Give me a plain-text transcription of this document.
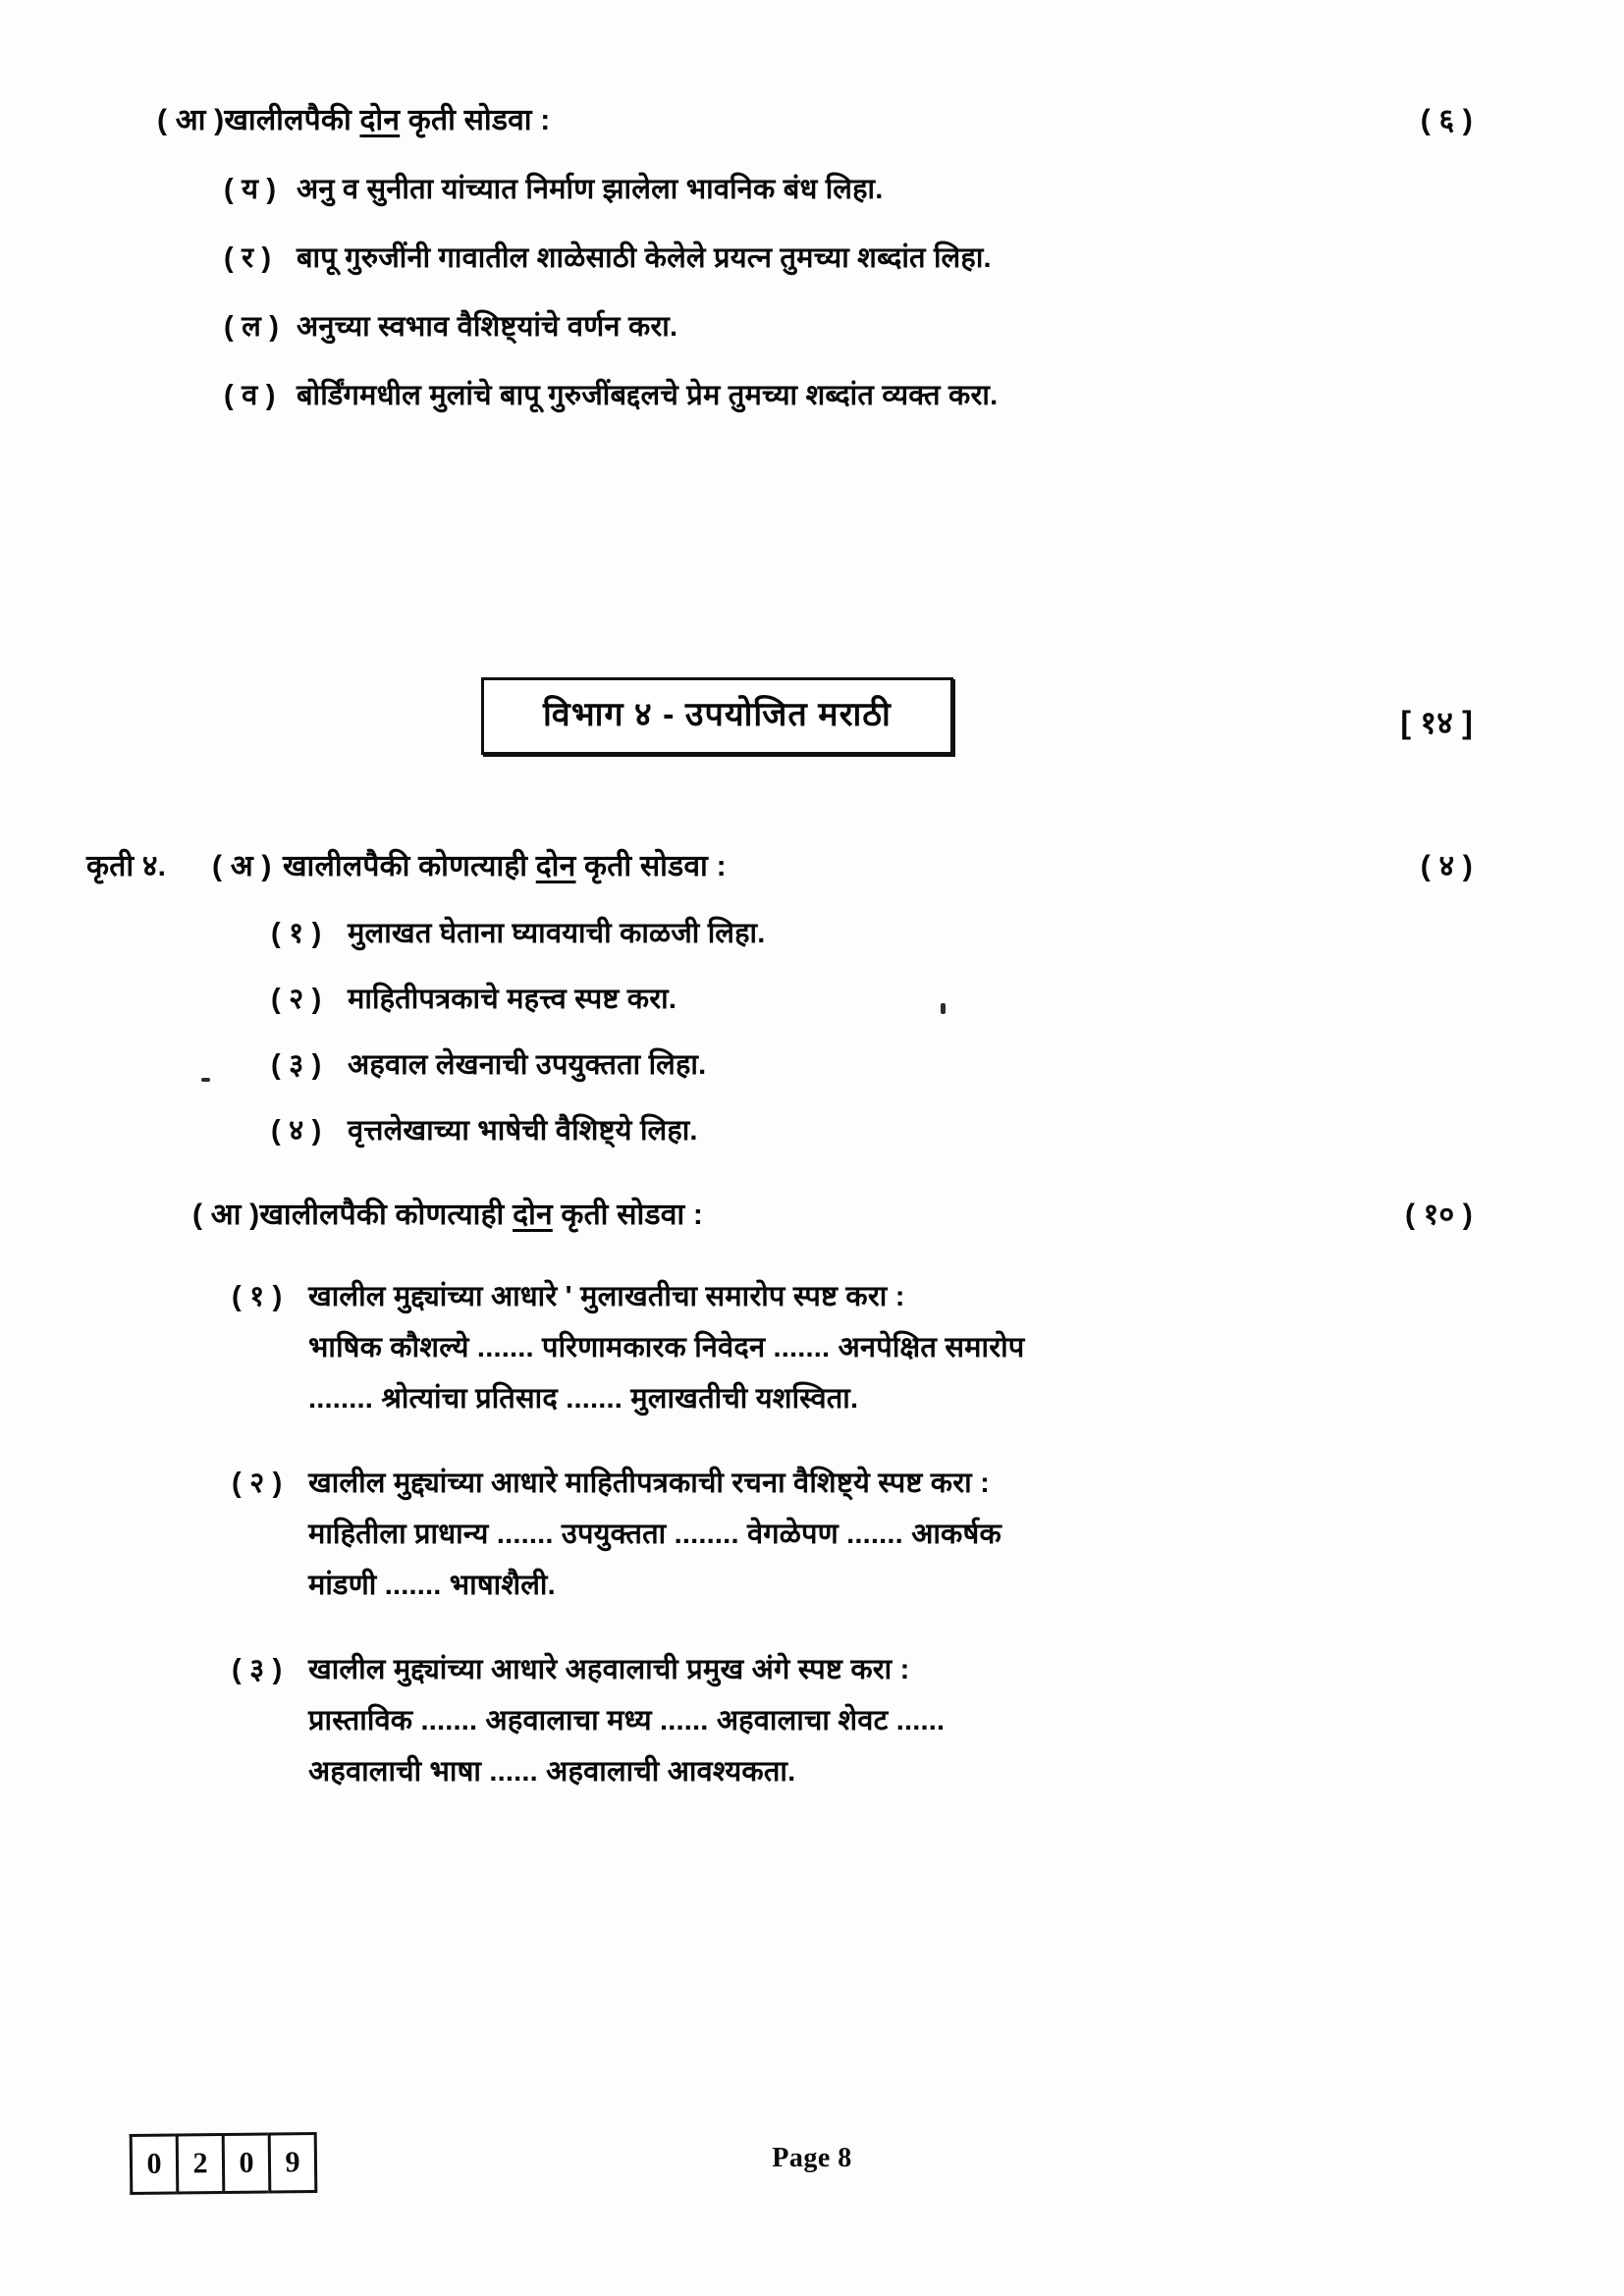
( आ )खालीलपैकी दोन कृती सोडवा :	( ६ )
( य ) अनु व सुनीता यांच्यात निर्माण झालेला भावनिक बंध लिहा.
( र ) बापू गुरुजींनी गावातील शाळेसाठी केलेले प्रयत्न तुमच्या शब्दांत लिहा.
( ल ) अनुच्या स्वभाव वैशिष्ट्यांचे वर्णन करा.
( व ) बोर्डिंगमधील मुलांचे बापू गुरुजींबद्दलचे प्रेम तुमच्या शब्दांत व्यक्त करा.
विभाग ४ - उपयोजित मराठी	[ १४ ]
कृती ४.	( अ ) खालीलपैकी कोणत्याही दोन कृती सोडवा :	( ४ )
( १ ) मुलाखत घेताना घ्यावयाची काळजी लिहा.
( २ ) माहितीपत्रकाचे महत्त्व स्पष्ट करा.
( ३ ) अहवाल लेखनाची उपयुक्तता लिहा.
( ४ ) वृत्तलेखाच्या भाषेची वैशिष्ट्ये लिहा.
( आ )खालीलपैकी कोणत्याही दोन कृती सोडवा :	( १० )
( १ ) खालील मुद्द्यांच्या आधारे ' मुलाखतीचा समारोप स्पष्ट करा :
भाषिक कौशल्ये ....... परिणामकारक निवेदन ....... अनपेक्षित समारोप
........ श्रोत्यांचा प्रतिसाद ....... मुलाखतीची यशस्विता.
( २ ) खालील मुद्द्यांच्या आधारे माहितीपत्रकाची रचना वैशिष्ट्ये स्पष्ट करा :
माहितीला प्राधान्य ....... उपयुक्तता ........ वेगळेपण ....... आकर्षक
मांडणी ....... भाषाशैली.
( ३ ) खालील मुद्द्यांच्या आधारे अहवालाची प्रमुख अंगे स्पष्ट करा :
प्रास्ताविक ....... अहवालाचा मध्य ...... अहवालाचा शेवट ......
अहवालाची भाषा ...... अहवालाची आवश्यकता.
0	2	0	9	Page 8
